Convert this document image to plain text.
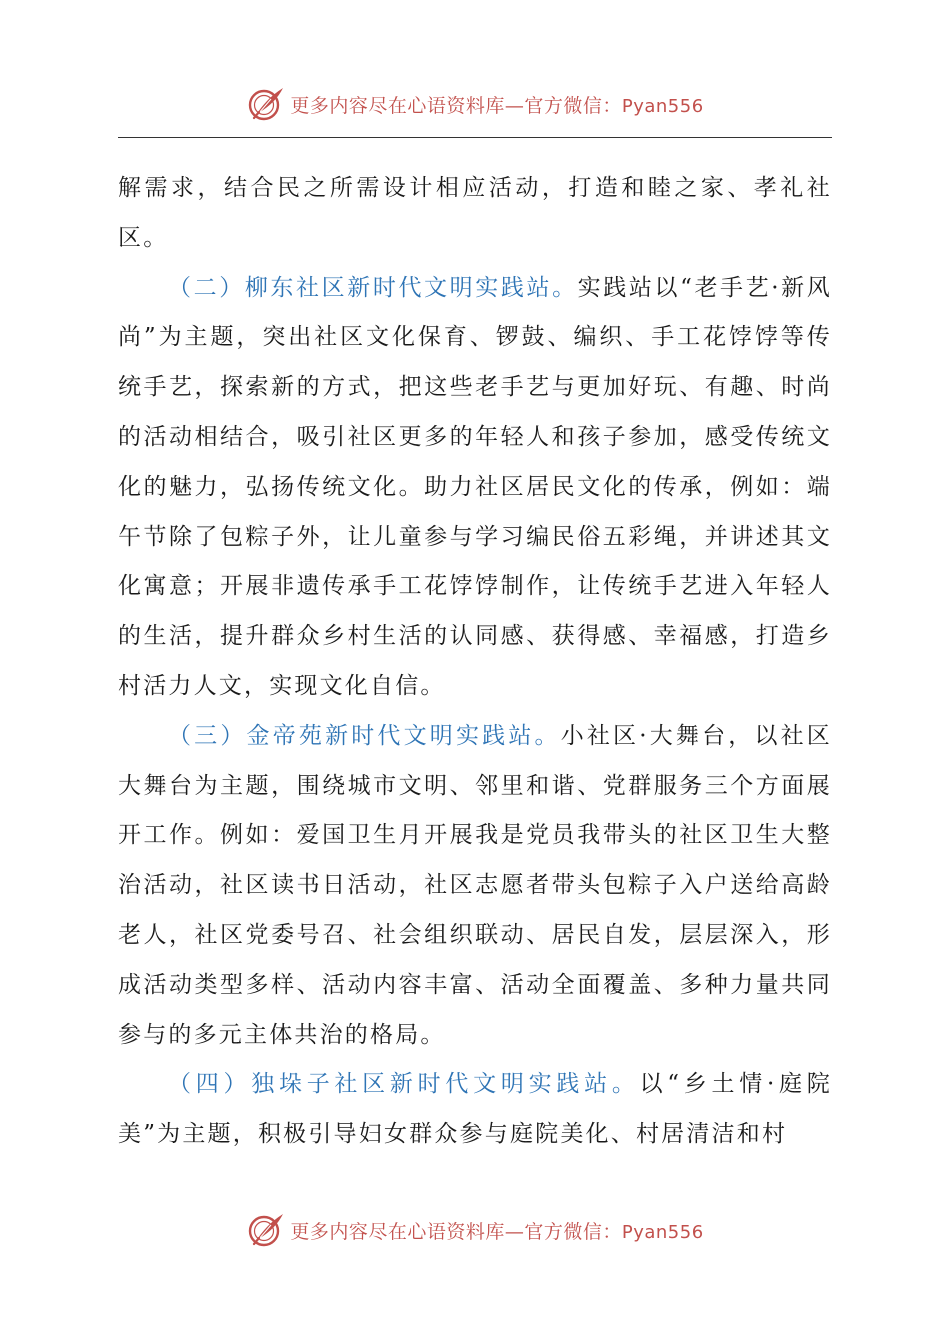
更多内容尽在心语资料库—官方微信：Pyan556

解需求，结合民之所需设计相应活动，打造和睦之家、孝礼社区。

（二）柳东社区新时代文明实践站。实践站以“老手艺·新风尚”为主题，突出社区文化保育、锣鼓、编织、手工花饽饽等传统手艺，探索新的方式，把这些老手艺与更加好玩、有趣、时尚的活动相结合，吸引社区更多的年轻人和孩子参加，感受传统文化的魅力，弘扬传统文化。助力社区居民文化的传承，例如：端午节除了包粽子外，让儿童参与学习编民俗五彩绳，并讲述其文化寓意；开展非遗传承手工花饽饽制作，让传统手艺进入年轻人的生活，提升群众乡村生活的认同感、获得感、幸福感，打造乡村活力人文，实现文化自信。

（三）金帝苑新时代文明实践站。小社区·大舞台，以社区大舞台为主题，围绕城市文明、邻里和谐、党群服务三个方面展开工作。例如：爱国卫生月开展我是党员我带头的社区卫生大整治活动，社区读书日活动，社区志愿者带头包粽子入户送给高龄老人，社区党委号召、社会组织联动、居民自发，层层深入，形成活动类型多样、活动内容丰富、活动全面覆盖、多种力量共同参与的多元主体共治的格局。

（四）独垛子社区新时代文明实践站。以“乡土情·庭院美”为主题，积极引导妇女群众参与庭院美化、村居清洁和村

更多内容尽在心语资料库—官方微信：Pyan556
